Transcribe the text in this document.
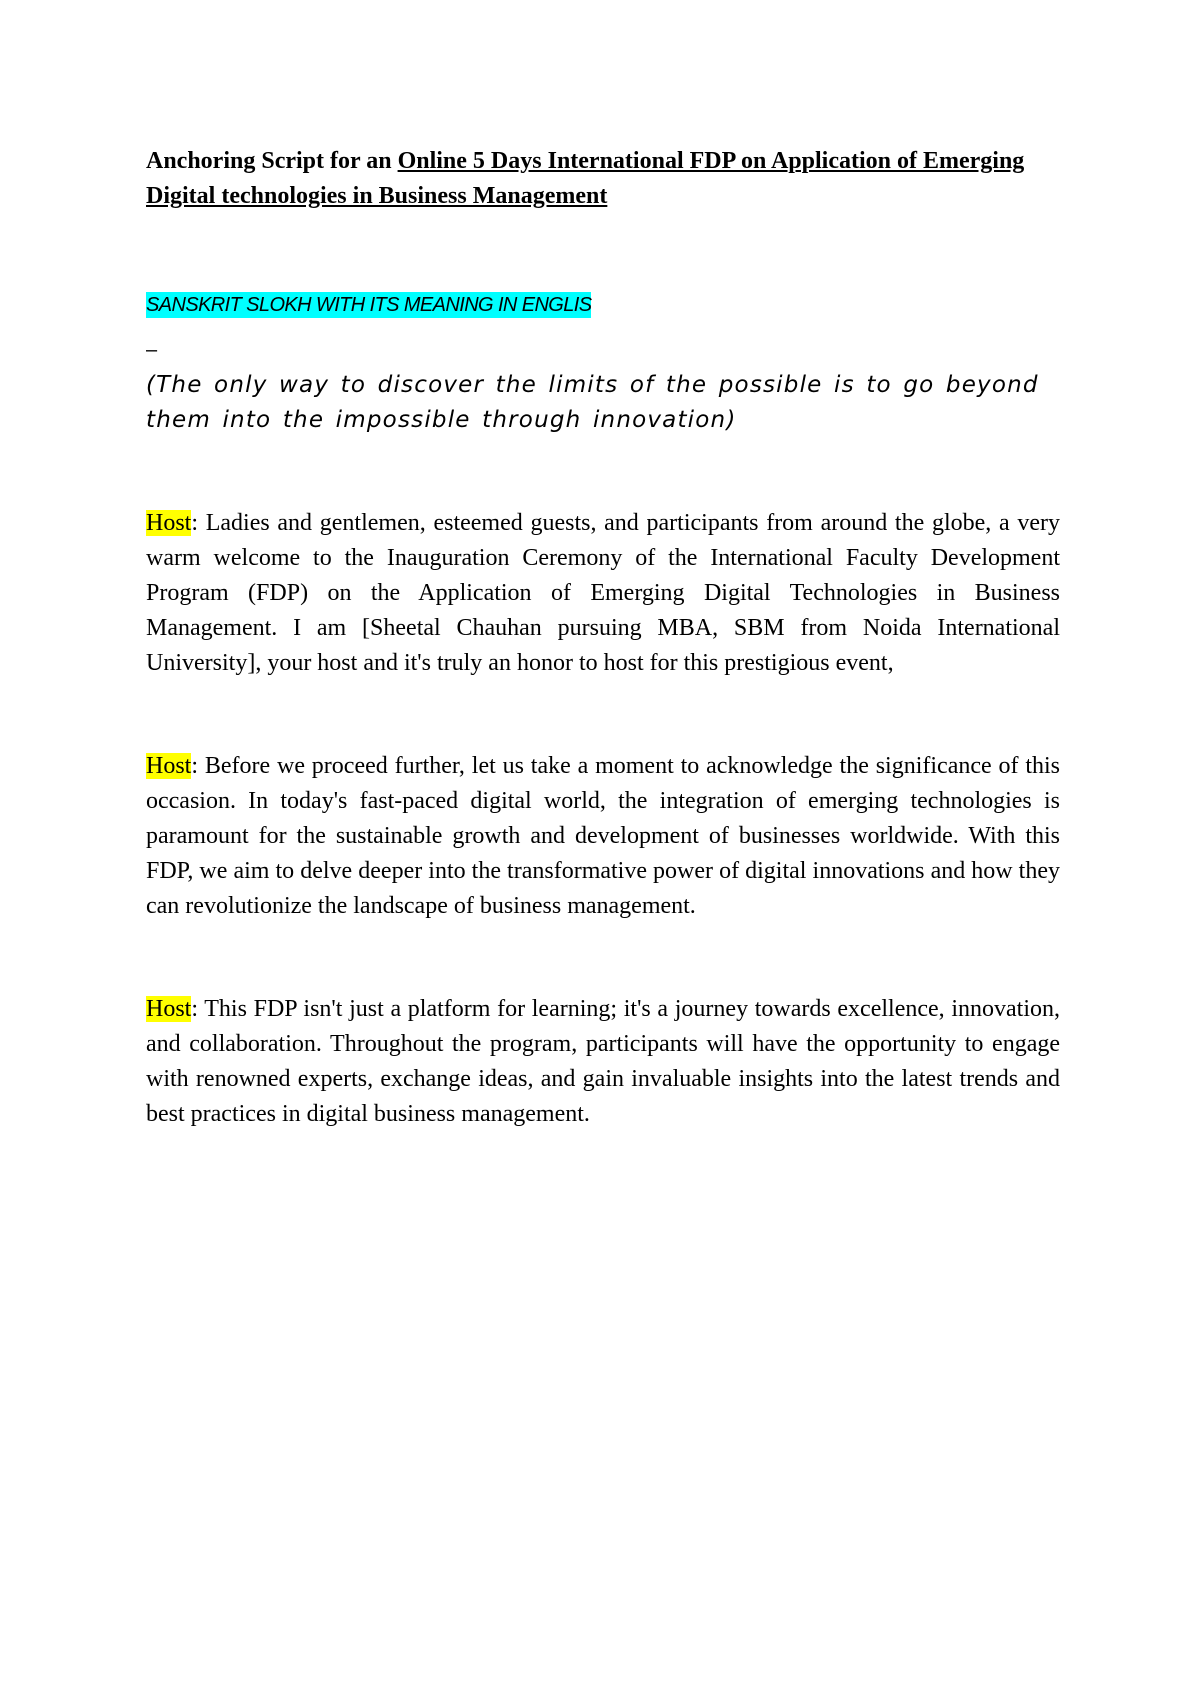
Anchoring Script for an Online 5 Days International FDP on Application of Emerging Digital technologies in Business Management

SANSKRIT SLOKH WITH ITS MEANING IN ENGLIS
–
(The only way to discover the limits of the possible is to go beyond them into the impossible through innovation)
Host: Ladies and gentlemen, esteemed guests, and participants from around the globe, a very warm welcome to the Inauguration Ceremony of the International Faculty Development Program (FDP) on the Application of Emerging Digital Technologies in Business Management. I am [Sheetal Chauhan pursuing MBA, SBM from Noida International University], your host and it's truly an honor to host for this prestigious event,
Host: Before we proceed further, let us take a moment to acknowledge the significance of this occasion. In today's fast-paced digital world, the integration of emerging technologies is paramount for the sustainable growth and development of businesses worldwide. With this FDP, we aim to delve deeper into the transformative power of digital innovations and how they can revolutionize the landscape of business management.
Host: This FDP isn't just a platform for learning; it's a journey towards excellence, innovation, and collaboration. Throughout the program, participants will have the opportunity to engage with renowned experts, exchange ideas, and gain invaluable insights into the latest trends and best practices in digital business management.
